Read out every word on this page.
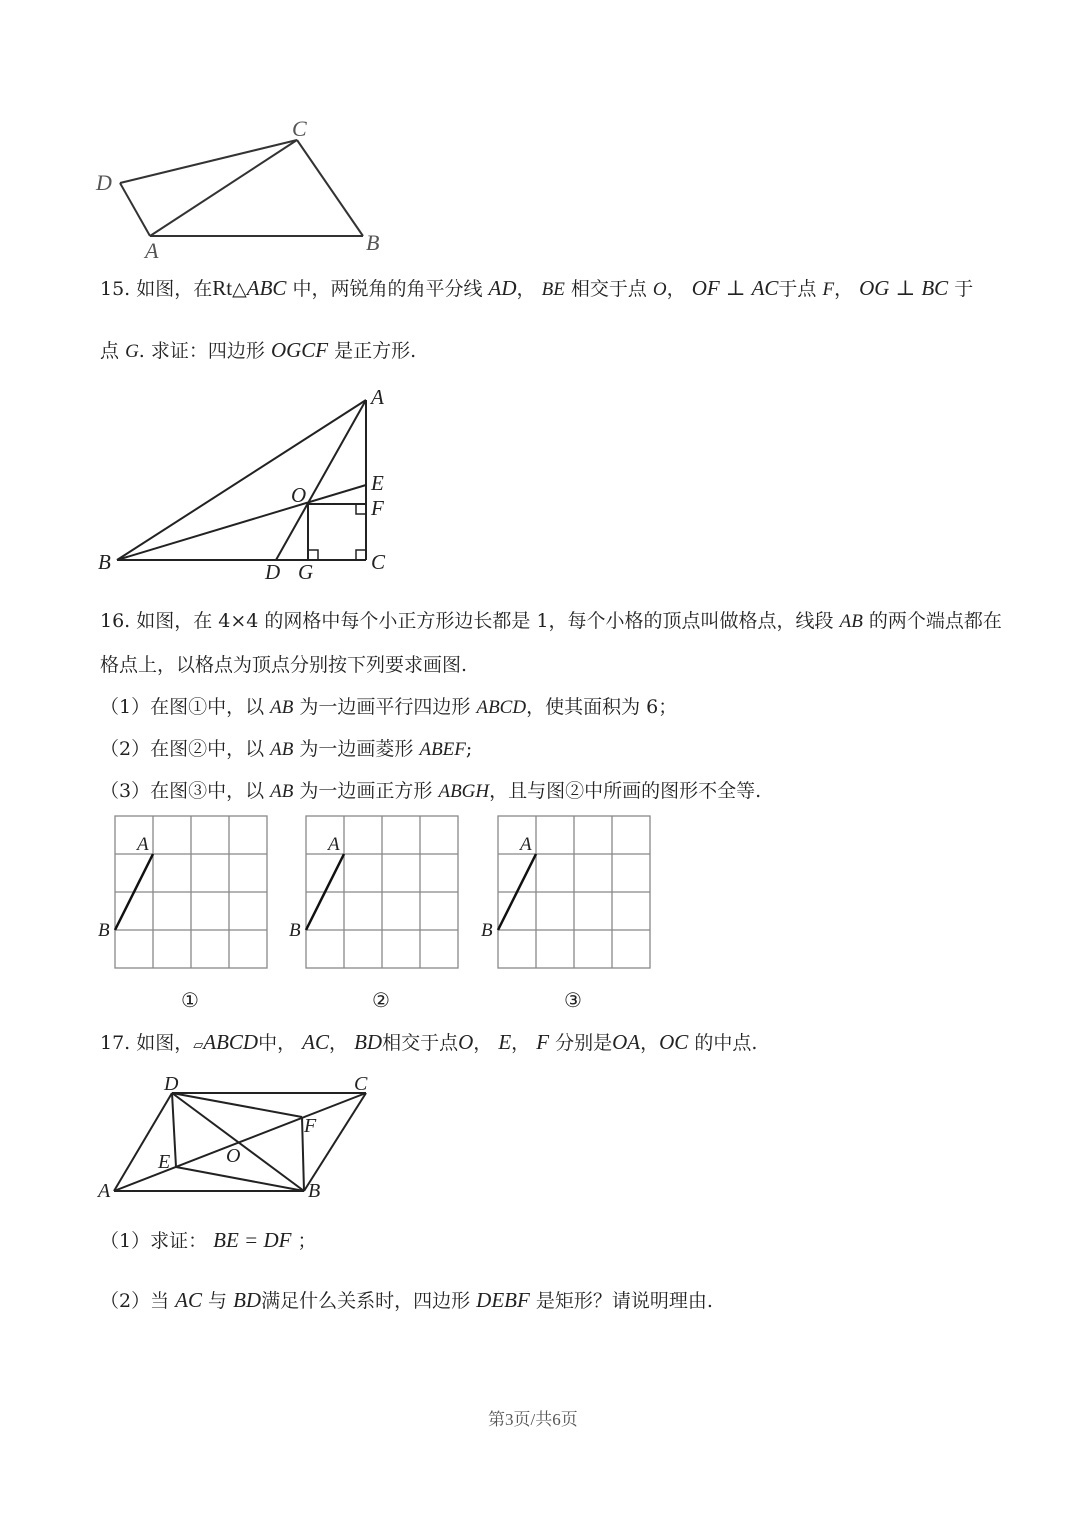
C
D
A	B
15. 如图，在Rt△ABC 中，两锐角的角平分线 AD， BE 相交于点 O， OF ⊥ AC于点 F， OG ⊥ BC 于
点 G. 求证：四边形 OGCF 是正方形.
A
E
O
F
B	D G	C
16. 如图，在 4×4 的网格中每个小正方形边长都是 1，每个小格的顶点叫做格点，线段 AB 的两个端点都在
格点上，以格点为顶点分别按下列要求画图.
（1）在图①中，以 AB 为一边画平行四边形 ABCD，使其面积为 6；
（2）在图②中，以 AB 为一边画菱形 ABEF;
（3）在图③中，以 AB 为一边画正方形 ABGH，且与图②中所画的图形不全等.
A
B
A
B
A
B
①	②	③
17. 如图，▱ABCD中， AC， BD相交于点O， E， F 分别是OA，OC 的中点.
D	C
F
O
E
A	B
（1）求证： BE = DF ；
（2）当 AC 与 BD满足什么关系时，四边形 DEBF 是矩形？请说明理由.
第3页/共6页
